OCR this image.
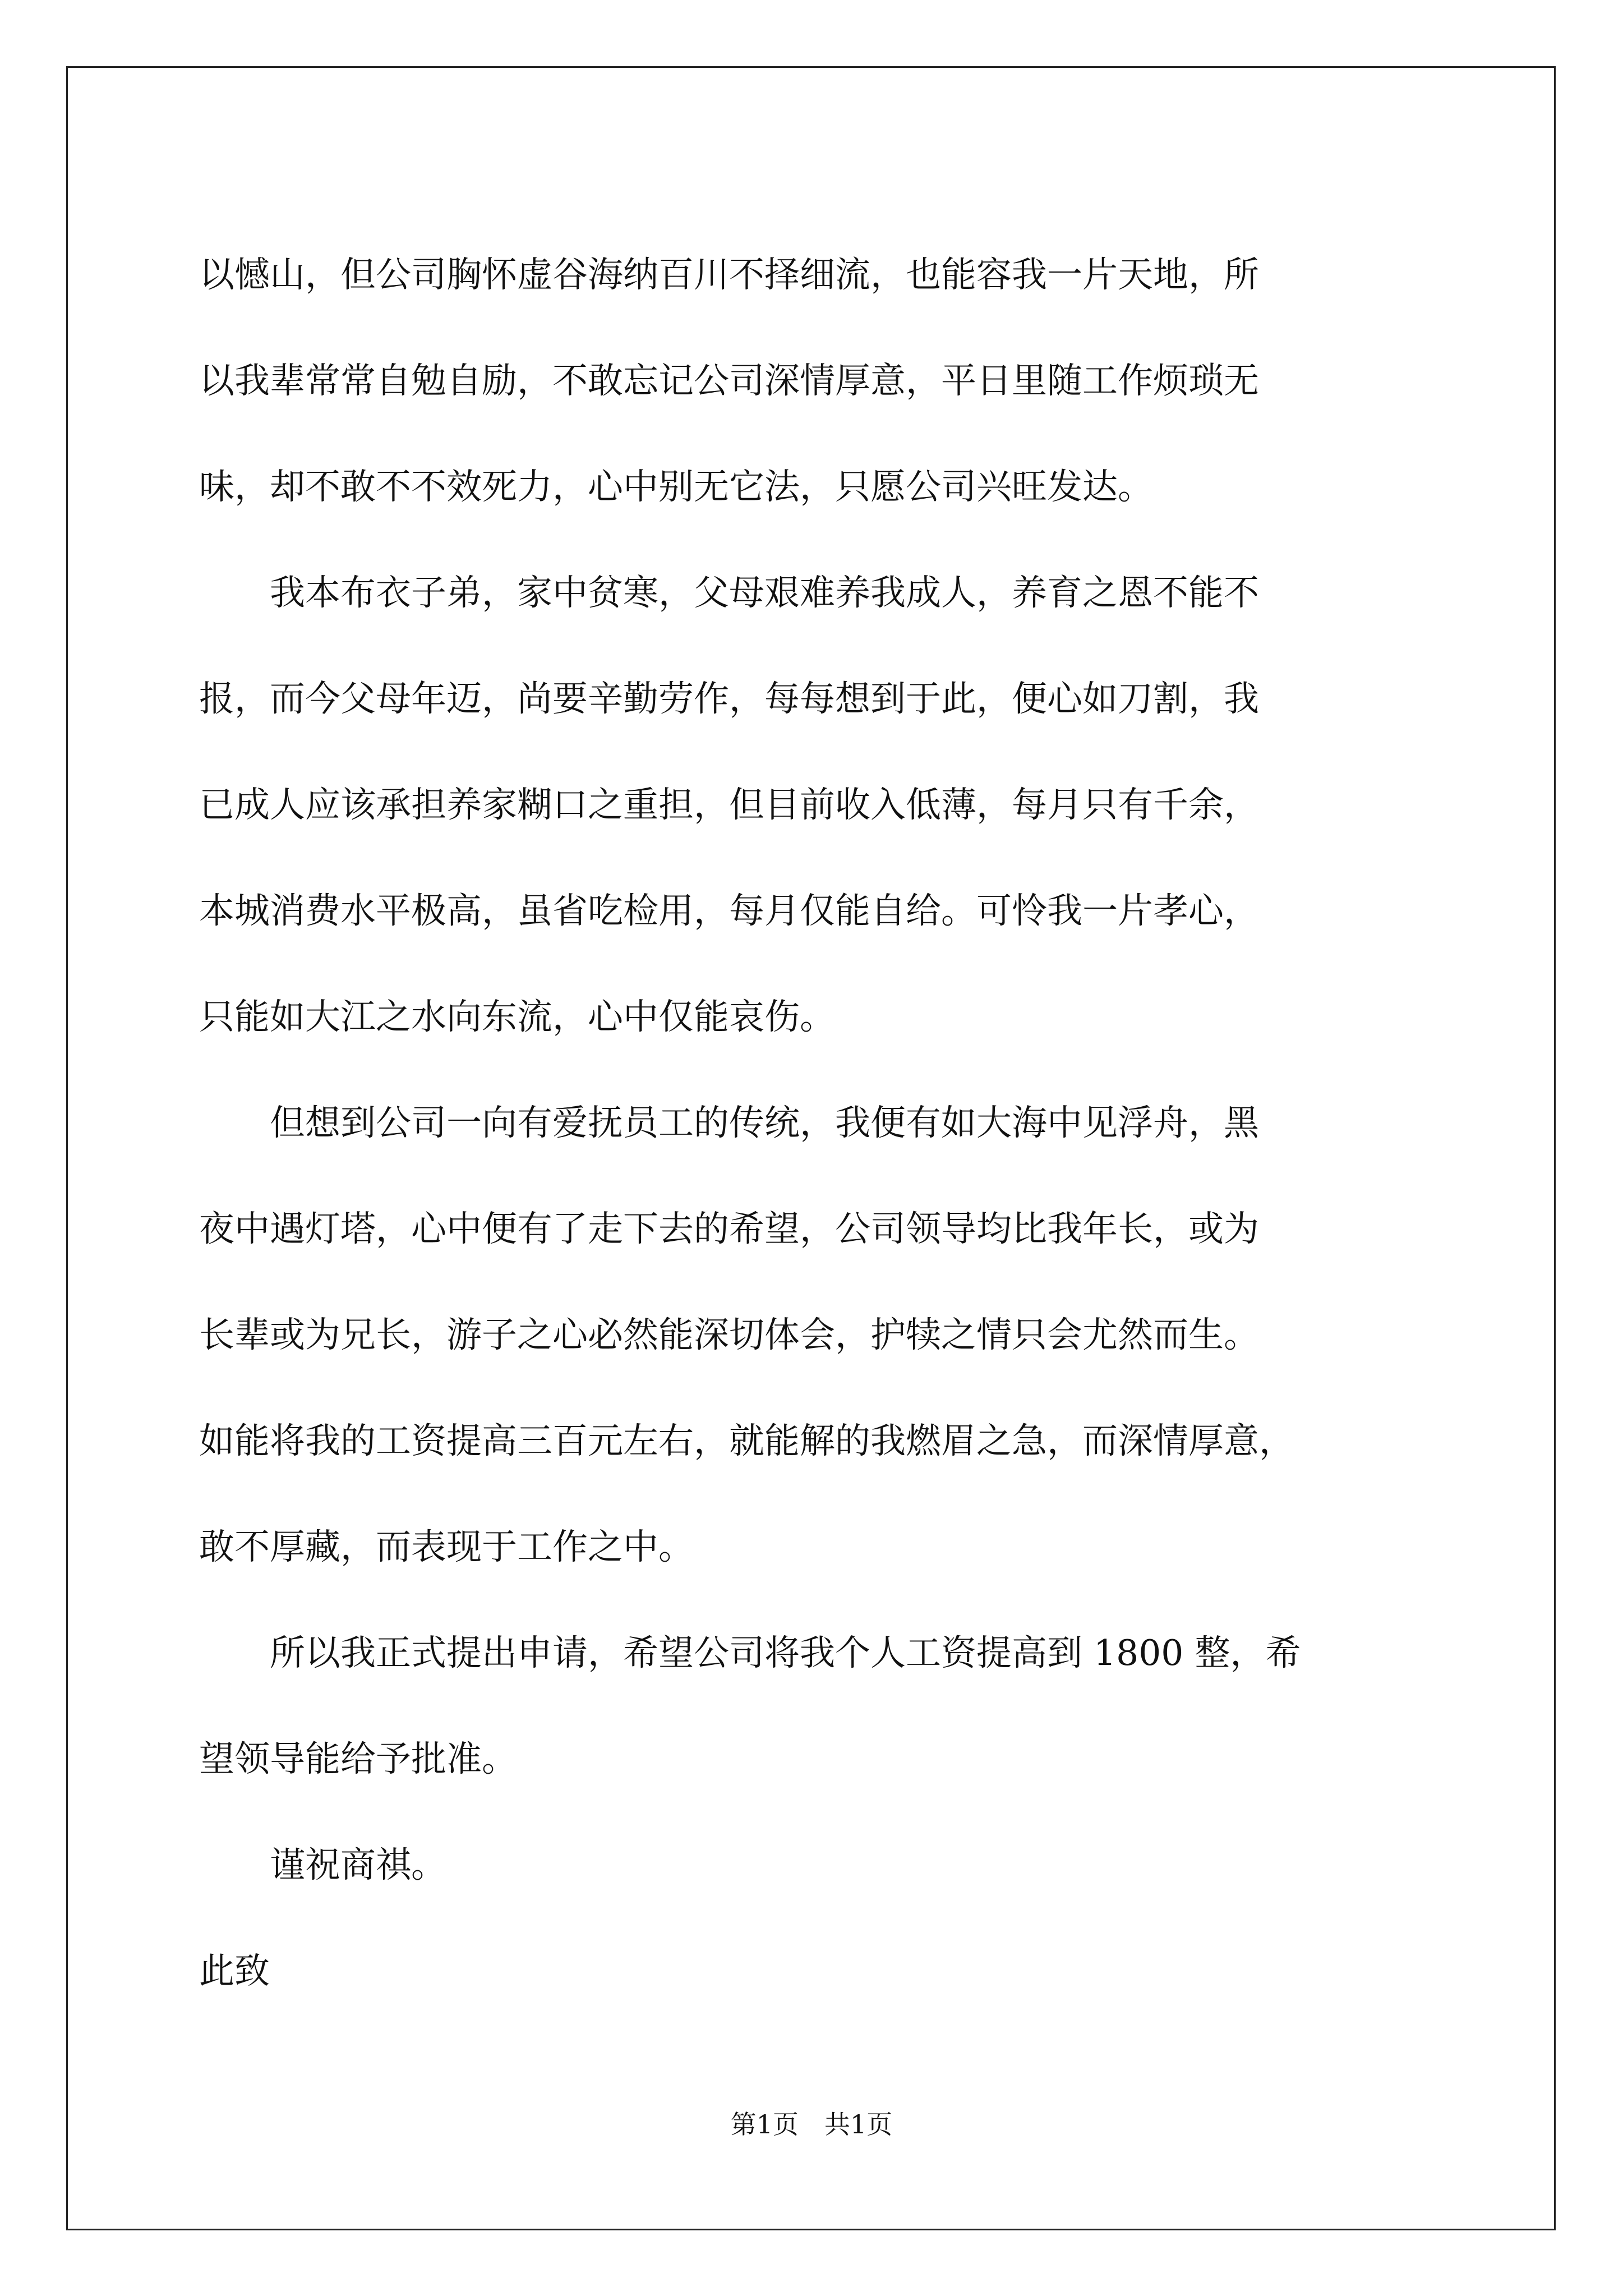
以憾山，但公司胸怀虚谷海纳百川不择细流，也能容我一片天地，所
以我辈常常自勉自励，不敢忘记公司深情厚意，平日里随工作烦琐无
味，却不敢不不效死力，心中别无它法，只愿公司兴旺发达。
　　我本布衣子弟，家中贫寒，父母艰难养我成人，养育之恩不能不
报，而今父母年迈，尚要辛勤劳作，每每想到于此，便心如刀割，我
已成人应该承担养家糊口之重担，但目前收入低薄，每月只有千余，
本城消费水平极高，虽省吃检用，每月仅能自给。可怜我一片孝心，
只能如大江之水向东流，心中仅能哀伤。
　　但想到公司一向有爱抚员工的传统，我便有如大海中见浮舟，黑
夜中遇灯塔，心中便有了走下去的希望，公司领导均比我年长，或为
长辈或为兄长，游子之心必然能深切体会，护犊之情只会尤然而生。
如能将我的工资提高三百元左右，就能解的我燃眉之急，而深情厚意，
敢不厚藏，而表现于工作之中。
　　所以我正式提出申请，希望公司将我个人工资提高到 1800 整，希
望领导能给予批准。
　　谨祝商祺。
此致
第1页　共1页
